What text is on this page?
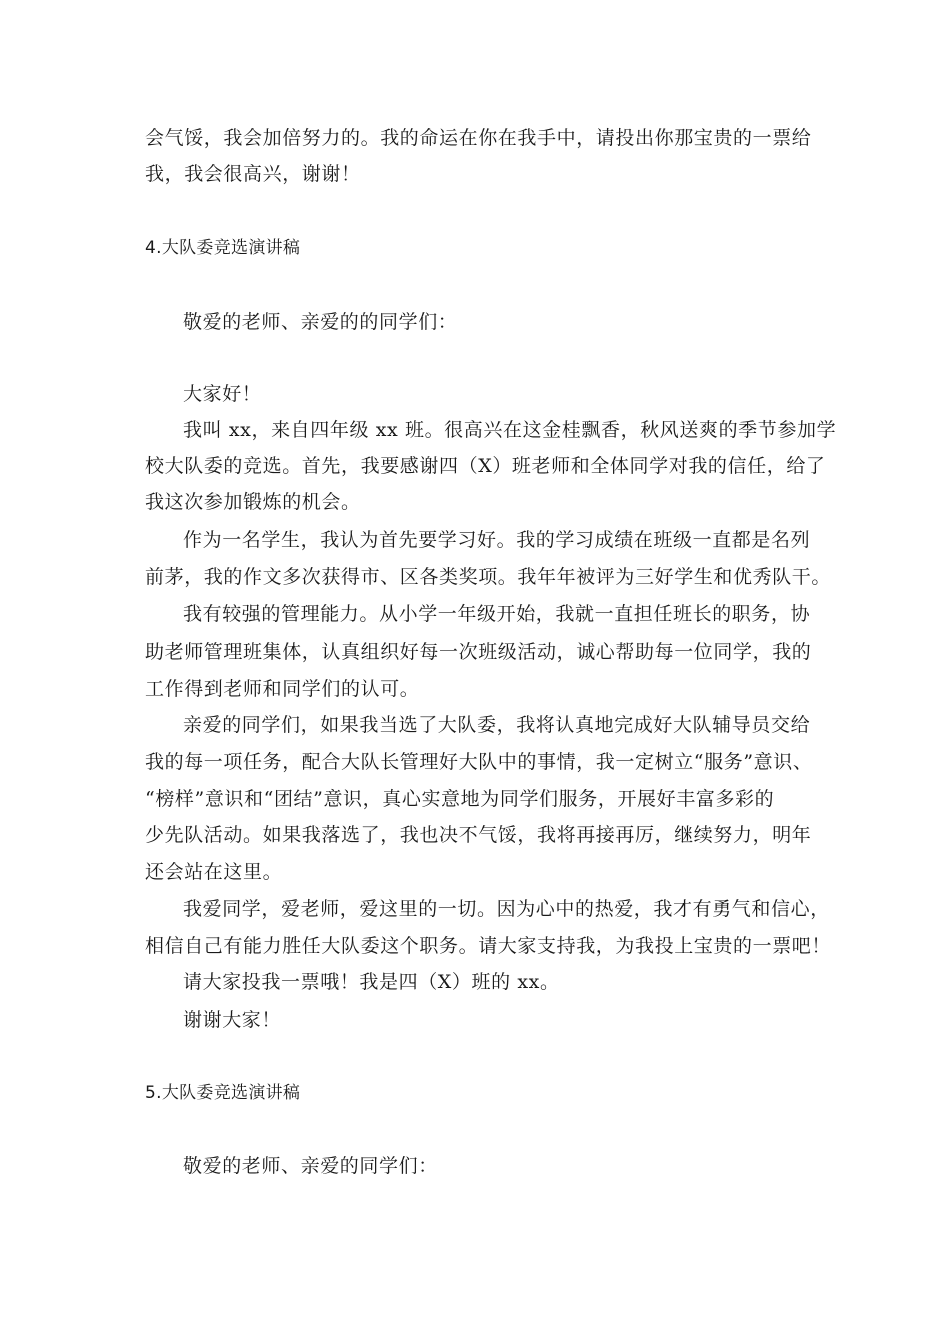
会气馁，我会加倍努力的。我的命运在你在我手中，请投出你那宝贵的一票给
我，我会很高兴，谢谢！
4.大队委竞选演讲稿
敬爱的老师、亲爱的的同学们：
大家好！
我叫 xx，来自四年级 xx 班。很高兴在这金桂飘香，秋风送爽的季节参加学
校大队委的竞选。首先，我要感谢四（X）班老师和全体同学对我的信任，给了
我这次参加锻炼的机会。
作为一名学生，我认为首先要学习好。我的学习成绩在班级一直都是名列
前茅，我的作文多次获得市、区各类奖项。我年年被评为三好学生和优秀队干。
我有较强的管理能力。从小学一年级开始，我就一直担任班长的职务，协
助老师管理班集体，认真组织好每一次班级活动，诚心帮助每一位同学，我的
工作得到老师和同学们的认可。
亲爱的同学们，如果我当选了大队委，我将认真地完成好大队辅导员交给
我的每一项任务，配合大队长管理好大队中的事情，我一定树立“服务”意识、
“榜样”意识和“团结”意识，真心实意地为同学们服务，开展好丰富多彩的
少先队活动。如果我落选了，我也决不气馁，我将再接再厉，继续努力，明年
还会站在这里。
我爱同学，爱老师，爱这里的一切。因为心中的热爱，我才有勇气和信心，
相信自己有能力胜任大队委这个职务。请大家支持我，为我投上宝贵的一票吧！
请大家投我一票哦！我是四（X）班的 xx。
谢谢大家！
5.大队委竞选演讲稿
敬爱的老师、亲爱的同学们：
